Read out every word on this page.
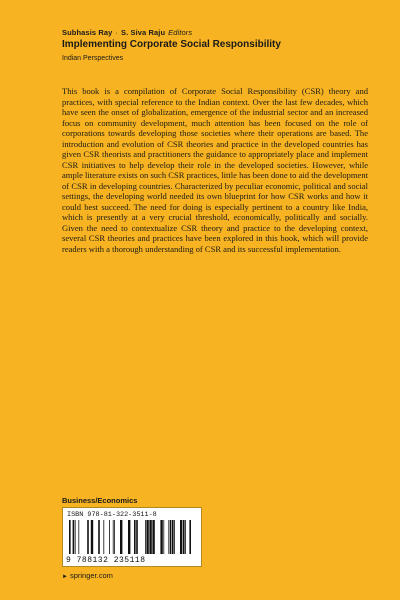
Subhasis Ray · S. Siva Raju Editors
Implementing Corporate Social Responsibility
Indian Perspectives

This book is a compilation of Corporate Social Responsibility (CSR) theory and practices, with special reference to the Indian context. Over the last few decades, which have seen the onset of globalization, emergence of the industrial sector and an increased focus on community development, much attention has been focused on the role of corporations towards developing those societies where their operations are based. The introduction and evolution of CSR theories and practice in the developed countries has given CSR theorists and practitioners the guidance to appropriately place and implement CSR initiatives to help develop their role in the developed societies. However, while ample literature exists on such CSR practices, little has been done to aid the development of CSR in developing countries. Characterized by peculiar economic, political and social settings, the developing world needed its own blueprint for how CSR works and how it could best succeed. The need for doing is especially pertinent to a country like India, which is presently at a very crucial threshold, economically, politically and socially. Given the need to contextualize CSR theory and practice to the developing context, several CSR theories and practices have been explored in this book, which will provide readers with a thorough understanding of CSR and its successful implementation.

Business/Economics
ISBN 978-81-322-3511-8
9 788132 235118
► springer.com
